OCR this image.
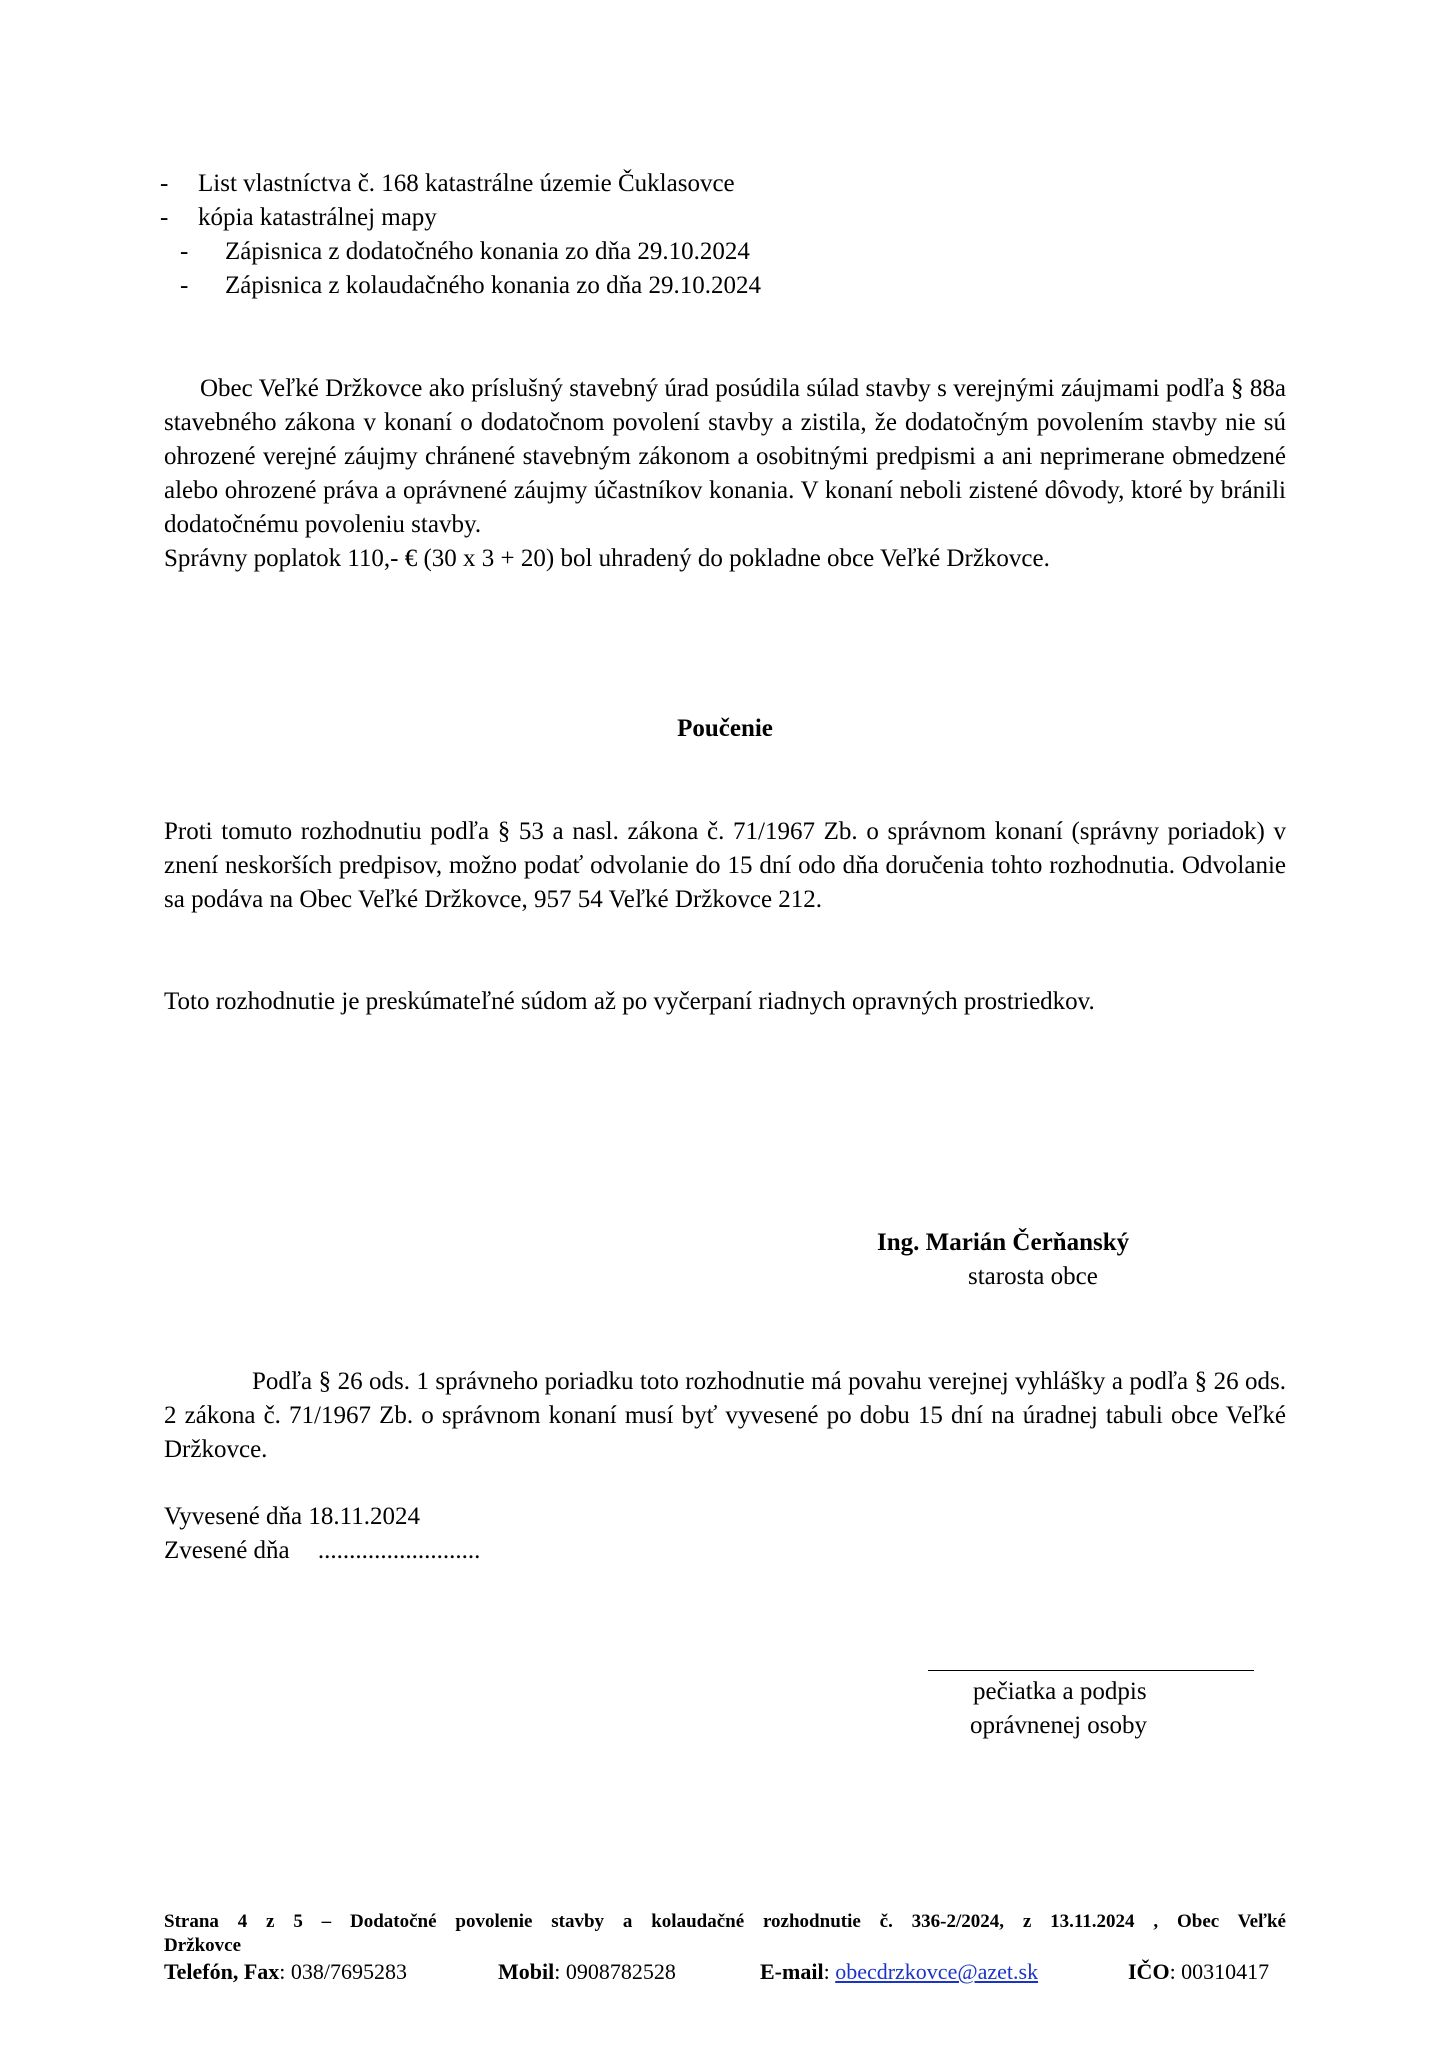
- List vlastníctva č. 168 katastrálne územie Čuklasovce
- kópia katastrálnej mapy
- Zápisnica z dodatočného konania zo dňa 29.10.2024
- Zápisnica z kolaudačného konania zo dňa 29.10.2024

Obec Veľké Držkovce ako príslušný stavebný úrad posúdila súlad stavby s verejnými záujmami podľa § 88a stavebného zákona v konaní o dodatočnom povolení stavby a zistila, že dodatočným povolením stavby nie sú ohrozené verejné záujmy chránené stavebným zákonom a osobitnými predpismi a ani neprimerane obmedzené alebo ohrozené práva a oprávnené záujmy účastníkov konania. V konaní neboli zistené dôvody, ktoré by bránili dodatočnému povoleniu stavby.

Správny poplatok 110,- € (30 x 3 + 20) bol uhradený do pokladne obce Veľké Držkovce.

Poučenie

Proti tomuto rozhodnutiu podľa § 53 a nasl. zákona č. 71/1967 Zb. o správnom konaní (správny poriadok) v znení neskorších predpisov, možno podať odvolanie do 15 dní odo dňa doručenia tohto rozhodnutia. Odvolanie sa podáva na Obec Veľké Držkovce, 957 54 Veľké Držkovce 212.

Toto rozhodnutie je preskúmateľné súdom až po vyčerpaní riadnych opravných prostriedkov.

Ing. Marián Čerňanský
starosta obce

Podľa § 26 ods. 1 správneho poriadku toto rozhodnutie má povahu verejnej vyhlášky a podľa § 26 ods. 2 zákona č. 71/1967 Zb. o správnom konaní musí byť vyvesené po dobu 15 dní na úradnej tabuli obce Veľké Držkovce.

Vyvesené dňa 18.11.2024
Zvesené dňa ..........................
pečiatka a podpis
oprávnenej osoby
Strana 4 z 5 – Dodatočné povolenie stavby a kolaudačné rozhodnutie č. 336-2/2024, z 13.11.2024 , Obec Veľké
Držkovce
Telefón, Fax: 038/7695283	Mobil: 0908782528	E-mail: obecdrzkovce@azet.sk	IČO: 00310417
